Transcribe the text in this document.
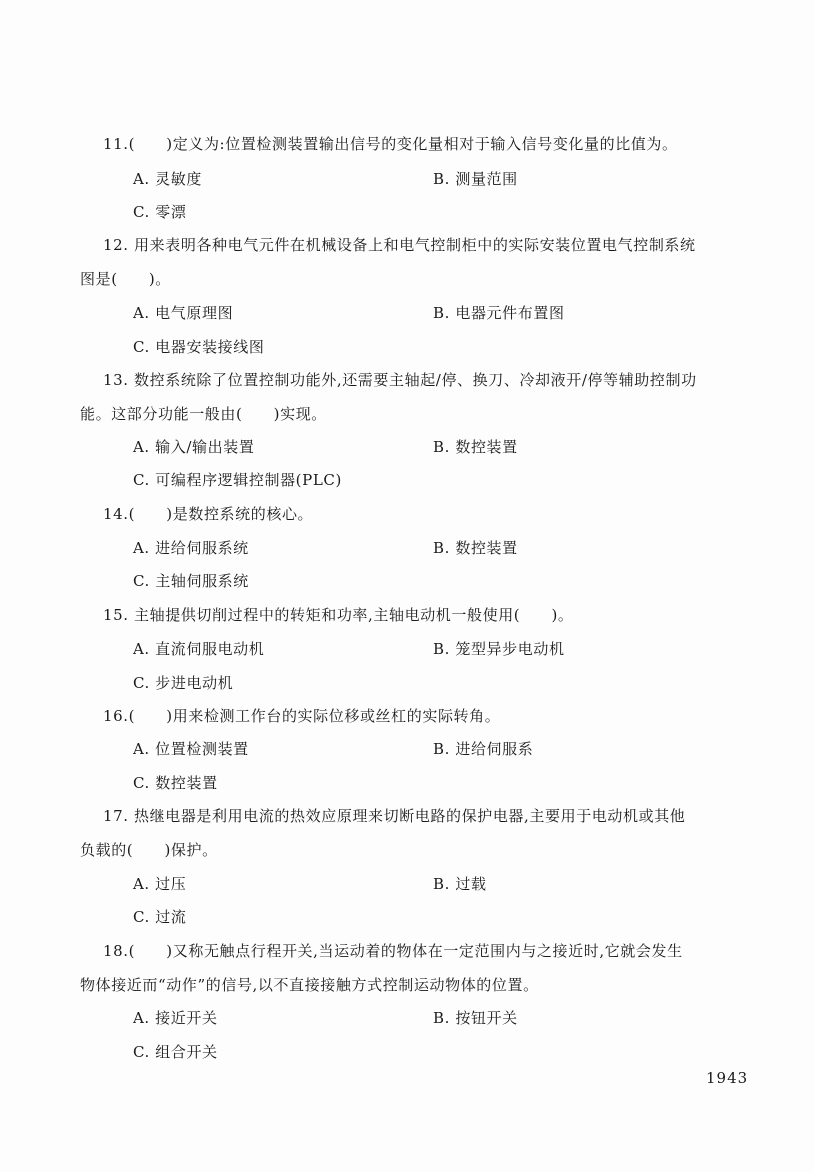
11.(　　)定义为:位置检测装置输出信号的变化量相对于输入信号变化量的比值为。
A. 灵敏度	B. 测量范围
C. 零漂
12. 用来表明各种电气元件在机械设备上和电气控制柜中的实际安装位置电气控制系统
图是(　　)。
A. 电气原理图	B. 电器元件布置图
C. 电器安装接线图
13. 数控系统除了位置控制功能外,还需要主轴起/停、换刀、冷却液开/停等辅助控制功
能。这部分功能一般由(　　)实现。
A. 输入/输出装置	B. 数控装置
C. 可编程序逻辑控制器(PLC)
14.(　　)是数控系统的核心。
A. 进给伺服系统	B. 数控装置
C. 主轴伺服系统
15. 主轴提供切削过程中的转矩和功率,主轴电动机一般使用(　　)。
A. 直流伺服电动机	B. 笼型异步电动机
C. 步进电动机
16.(　　)用来检测工作台的实际位移或丝杠的实际转角。
A. 位置检测装置	B. 进给伺服系
C. 数控装置
17. 热继电器是利用电流的热效应原理来切断电路的保护电器,主要用于电动机或其他
负载的(　　)保护。
A. 过压	B. 过载
C. 过流
18.(　　)又称无触点行程开关,当运动着的物体在一定范围内与之接近时,它就会发生
物体接近而“动作”的信号,以不直接接触方式控制运动物体的位置。
A. 接近开关	B. 按钮开关
C. 组合开关
1943
